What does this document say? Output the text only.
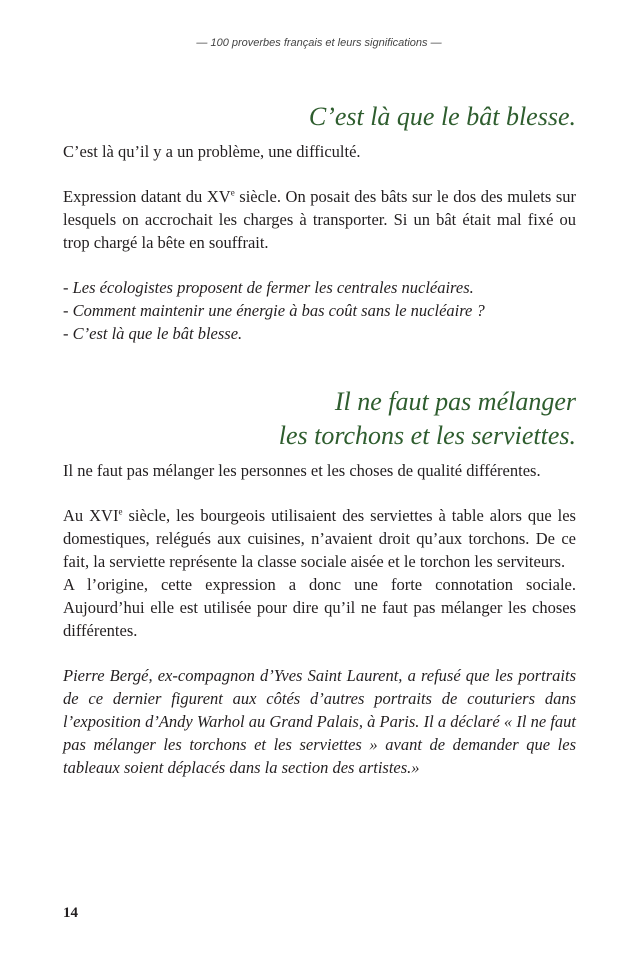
— 100 proverbes français et leurs significations —
C’est là que le bât blesse.

C’est là qu’il y a un problème, une difficulté.

Expression datant du XVe siècle. On posait des bâts sur le dos des mulets sur lesquels on accrochait les charges à transporter. Si un bât était mal fixé ou trop chargé la bête en souffrait.

- Les écologistes proposent de fermer les centrales nucléaires.

- Comment maintenir une énergie à bas coût sans le nucléaire ?

- C’est là que le bât blesse.

Il ne faut pas mélanger
les torchons et les serviettes.

Il ne faut pas mélanger les personnes et les choses de qualité différentes.

Au XVIe siècle, les bourgeois utilisaient des serviettes à table alors que les domestiques, relégués aux cuisines, n’avaient droit qu’aux torchons. De ce fait, la serviette représente la classe sociale aisée et le torchon les serviteurs.

A l’origine, cette expression a donc une forte connotation sociale. Aujourd’hui elle est utilisée pour dire qu’il ne faut pas mélanger les choses différentes.

Pierre Bergé, ex-compagnon d’Yves Saint Laurent, a refusé que les portraits de ce dernier figurent aux côtés d’autres portraits de couturiers dans l’exposition d’Andy Warhol au Grand Palais, à Paris. Il a déclaré « Il ne faut pas mélanger les torchons et les serviettes » avant de demander que les tableaux soient déplacés dans la section des artistes.»

14
